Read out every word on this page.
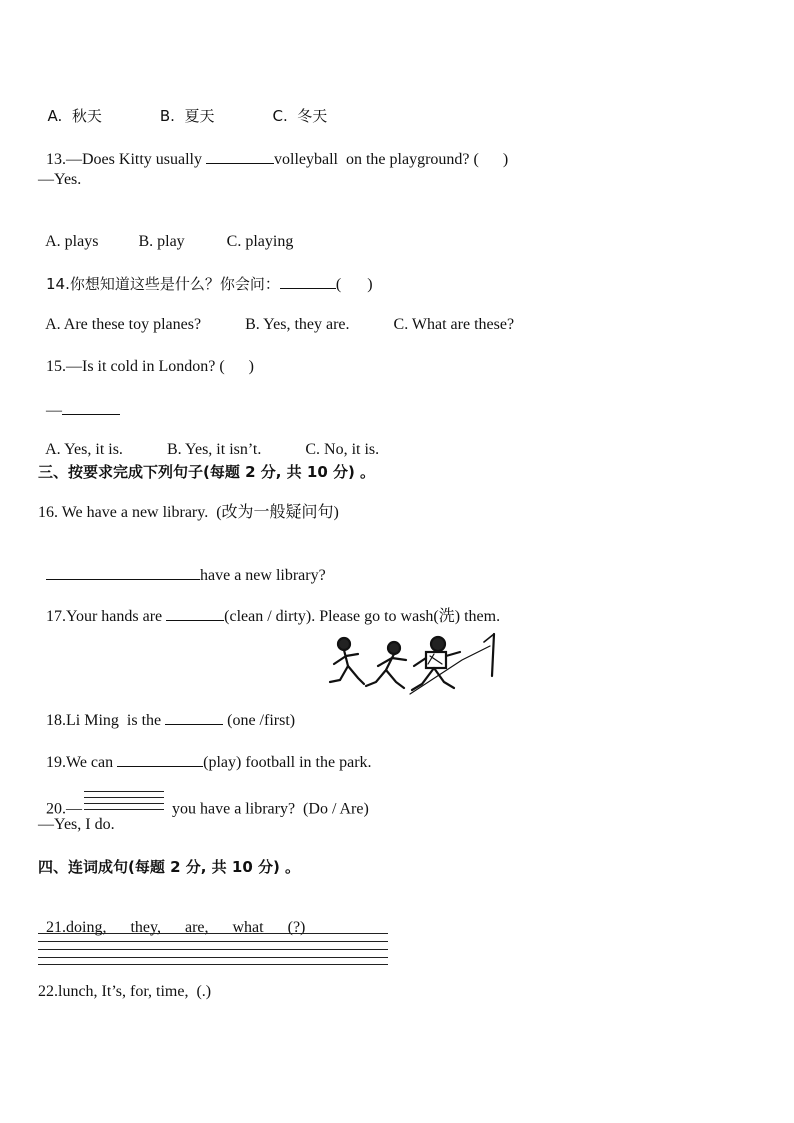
A.  秋天	B.  夏天	C.  冬天

13.—Does Kitty usually	volleyball  on the playground? ( )

—Yes.

A. plays	B. play	C. playing

14.你想知道这些是什么？你会问：	( )

A. Are these toy planes?	B. Yes, they are.	C. What are these?

15.—Is it cold in London? ( )

—

A. Yes, it is.	B. Yes, it isn’t.	C. No, it is.

三、按要求完成下列句子(每题 2 分, 共 10 分) 。
16. We have a new library.  (改为一般疑问句)

have a new library?

17.Your hands are	(clean / dirty). Please go to wash(洗) them.

18.Li Ming  is the	(one /first)

19.We can	(play) football in the park.

20.—	you have a library?  (Do / Are)

—Yes, I do.
四、连词成句(每题 2 分, 共 10 分) 。

21.doing, they, are, what (?)

22.lunch, It’s, for, time,  (.)
